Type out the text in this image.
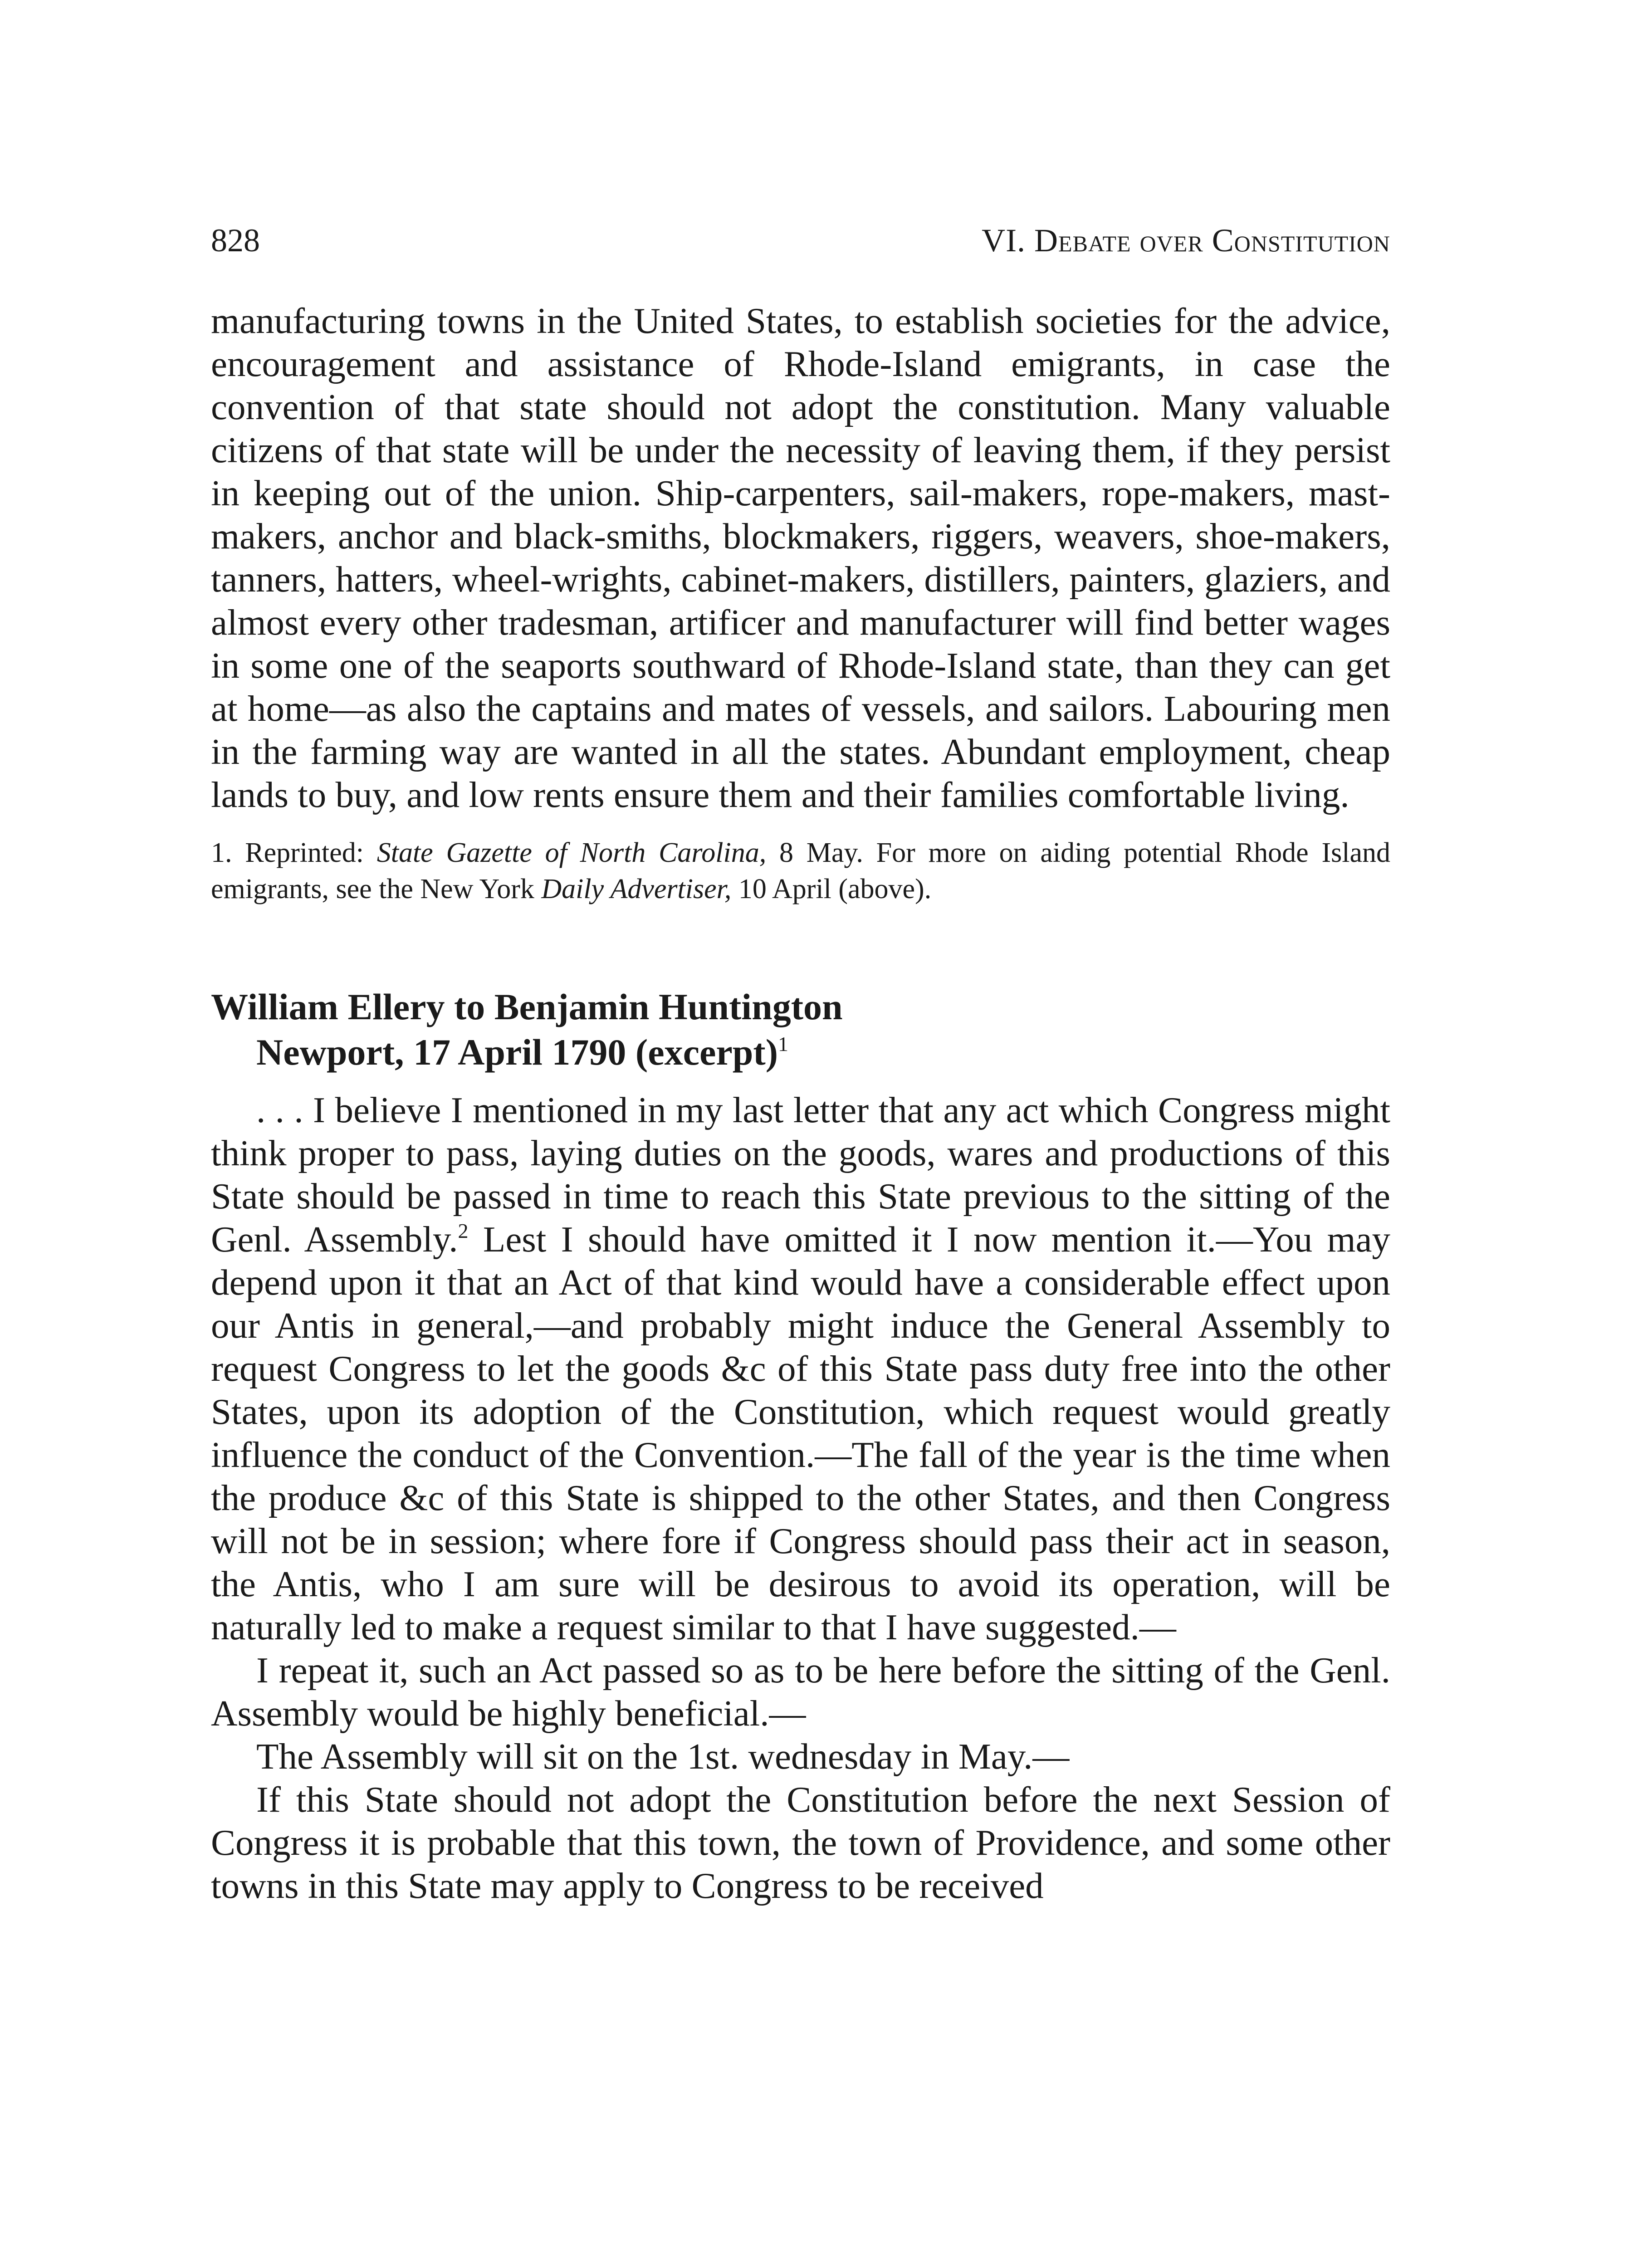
828	VI. Debate over Constitution

manufacturing towns in the United States, to establish societies for the advice, encouragement and assistance of Rhode-Island emigrants, in case the convention of that state should not adopt the constitution. Many valuable citizens of that state will be under the necessity of leaving them, if they persist in keeping out of the union. Ship-carpenters, sail-makers, rope-makers, mast-makers, anchor and black-smiths, blockmakers, riggers, weavers, shoe-makers, tanners, hatters, wheel-wrights, cabinet-makers, distillers, painters, glaziers, and almost every other tradesman, artificer and manufacturer will find better wages in some one of the seaports southward of Rhode-Island state, than they can get at home—as also the captains and mates of vessels, and sailors. Labouring men in the farming way are wanted in all the states. Abundant employment, cheap lands to buy, and low rents ensure them and their families comfortable living.

1. Reprinted: State Gazette of North Carolina, 8 May. For more on aiding potential Rhode Island emigrants, see the New York Daily Advertiser, 10 April (above).

William Ellery to Benjamin Huntington
Newport, 17 April 1790 (excerpt)$^1$

. . . I believe I mentioned in my last letter that any act which Congress might think proper to pass, laying duties on the goods, wares and productions of this State should be passed in time to reach this State previous to the sitting of the Genl. Assembly.$^2$ Lest I should have omitted it I now mention it.—You may depend upon it that an Act of that kind would have a considerable effect upon our Antis in general,—and probably might induce the General Assembly to request Congress to let the goods &c of this State pass duty free into the other States, upon its adoption of the Constitution, which request would greatly influence the conduct of the Convention.—The fall of the year is the time when the produce &c of this State is shipped to the other States, and then Congress will not be in session; where fore if Congress should pass their act in season, the Antis, who I am sure will be desirous to avoid its operation, will be naturally led to make a request similar to that I have suggested.—

I repeat it, such an Act passed so as to be here before the sitting of the Genl. Assembly would be highly beneficial.—

The Assembly will sit on the 1st. wednesday in May.—

If this State should not adopt the Constitution before the next Session of Congress it is probable that this town, the town of Providence, and some other towns in this State may apply to Congress to be received
